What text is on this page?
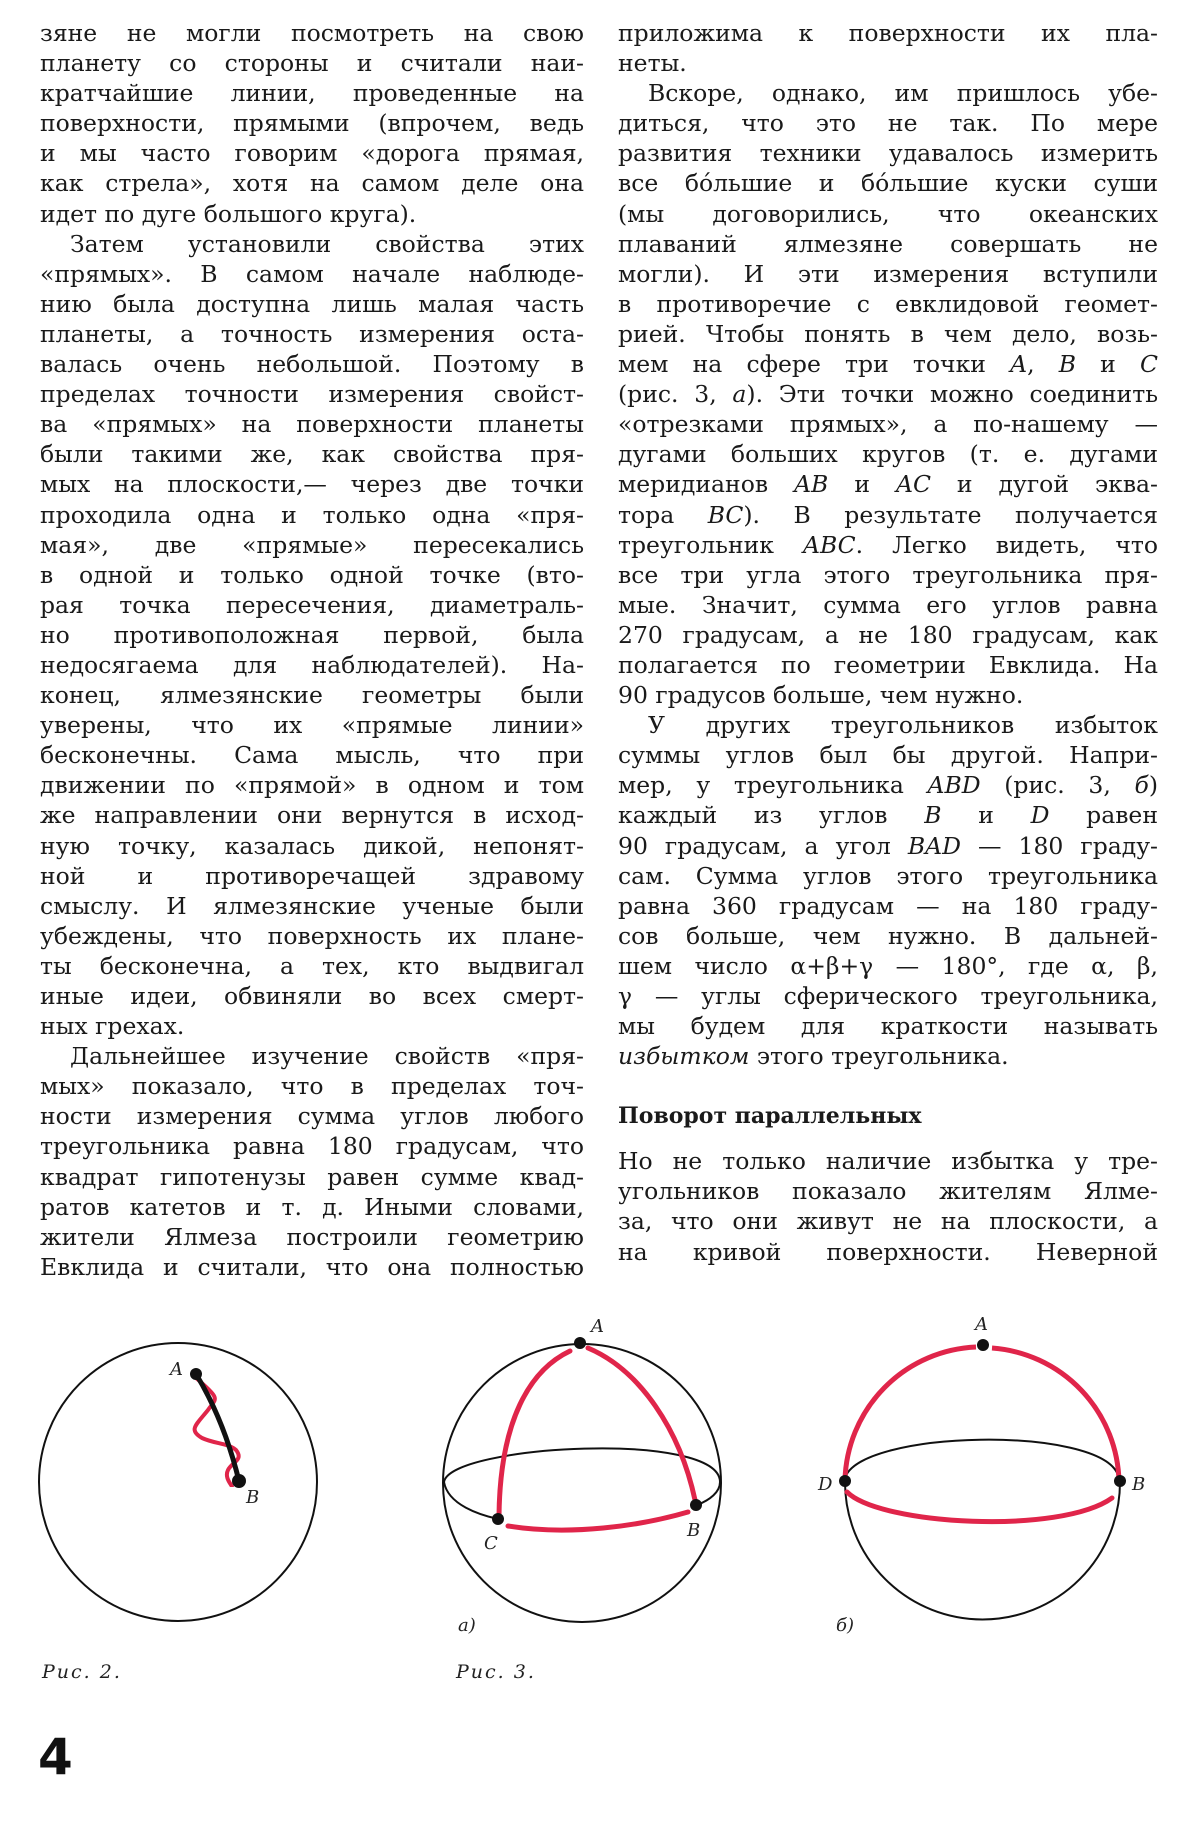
зяне не могли посмотреть на свою
планету со стороны и считали наи-
кратчайшие линии, проведенные на
поверхности, прямыми (впрочем, ведь
и мы часто говорим «дорога прямая,
как стрела», хотя на самом деле она
идет по дуге большого круга).
Затем установили свойства этих
«прямых». В самом начале наблюде-
нию была доступна лишь малая часть
планеты, а точность измерения оста-
валась очень небольшой. Поэтому в
пределах точности измерения свойст-
ва «прямых» на поверхности планеты
были такими же, как свойства пря-
мых на плоскости,— через две точки
проходила одна и только одна «пря-
мая», две «прямые» пересекались
в одной и только одной точке (вто-
рая точка пересечения, диаметраль-
но противоположная первой, была
недосягаема для наблюдателей). На-
конец, ялмезянские геометры были
уверены, что их «прямые линии»
бесконечны. Сама мысль, что при
движении по «прямой» в одном и том
же направлении они вернутся в исход-
ную точку, казалась дикой, непонят-
ной и противоречащей здравому
смыслу. И ялмезянские ученые были
убеждены, что поверхность их плане-
ты бесконечна, а тех, кто выдвигал
иные идеи, обвиняли во всех смерт-
ных грехах.
Дальнейшее изучение свойств «пря-
мых» показало, что в пределах точ-
ности измерения сумма углов любого
треугольника равна 180 градусам, что
квадрат гипотенузы равен сумме квад-
ратов катетов и т. д. Иными словами,
жители Ялмеза построили геометрию
Евклида и считали, что она полностью
приложима к поверхности их пла-
неты.
Вскоре, однако, им пришлось убе-
диться, что это не так. По мере
развития техники удавалось измерить
все бóльшие и бóльшие куски суши
(мы договорились, что океанских
плаваний ялмезяне совершать не
могли). И эти измерения вступили
в противоречие с евклидовой геомет-
рией. Чтобы понять в чем дело, возь-
мем на сфере три точки A, B и C
(рис. 3, а). Эти точки можно соединить
«отрезками прямых», а по-нашему —
дугами больших кругов (т. е. дугами
меридианов AB и AC и дугой эква-
тора BC). В результате получается
треугольник ABC. Легко видеть, что
все три угла этого треугольника пря-
мые. Значит, сумма его углов равна
270 градусам, а не 180 градусам, как
полагается по геометрии Евклида. На
90 градусов больше, чем нужно.
У других треугольников избыток
суммы углов был бы другой. Напри-
мер, у треугольника ABD (рис. 3, б)
каждый из углов B и D равен
90 градусам, а угол BAD — 180 граду-
сам. Сумма углов этого треугольника
равна 360 градусам — на 180 граду-
сов больше, чем нужно. В дальней-
шем число α+β+γ — 180°, где α, β,
γ — углы сферического треугольника,
мы будем для краткости называть
избытком этого треугольника.
Поворот параллельных
Но не только наличие избытка у тре-
угольников показало жителям Ялме-
за, что они живут не на плоскости, а
на кривой поверхности. Неверной
A
B
Рис. 2.
A
C
B
а)
Рис. 3.
A
D	B
б)
4
